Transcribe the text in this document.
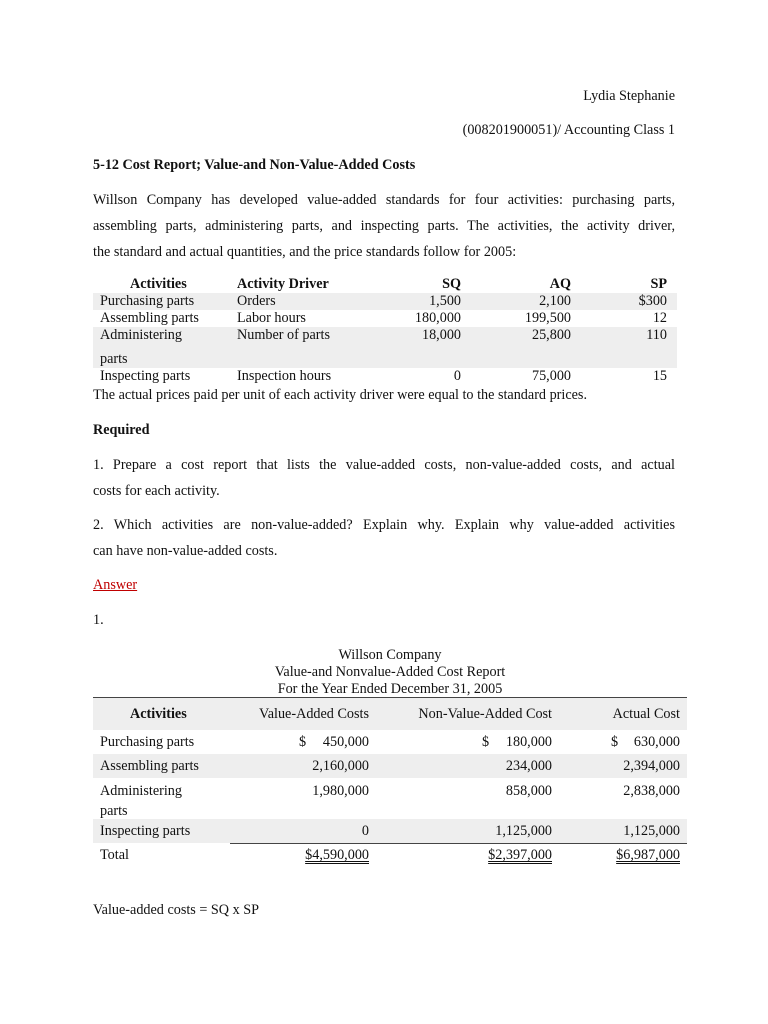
Lydia Stephanie
(008201900051)/ Accounting Class 1
5-12 Cost Report; Value-and Non-Value-Added Costs
Willson Company has developed value-added standards for four activities: purchasing parts,
assembling parts, administering parts, and inspecting parts. The activities, the activity driver,
the standard and actual quantities, and the price standards follow for 2005:
Activities	Activity Driver	SQ	AQ	SP
Purchasing parts	Orders	1,500	2,100	$300
Assembling parts	Labor hours	180,000	199,500	12
Administering
parts
Number of parts	18,000	25,800	110
Inspecting parts	Inspection hours	0	75,000	15
The actual prices paid per unit of each activity driver were equal to the standard prices.
Required
1. Prepare a cost report that lists the value-added costs, non-value-added costs, and actual
costs for each activity.
2. Which activities are non-value-added? Explain why. Explain why value-added activities
can have non-value-added costs.
Answer
1.
Willson Company
Value-and Nonvalue-Added Cost Report
For the Year Ended December 31, 2005
Activities	Value-Added Costs	Non-Value-Added Cost	Actual Cost
Purchasing parts	$ 450,000	$ 180,000	$ 630,000
Assembling parts	2,160,000	234,000	2,394,000
Administering
parts
1,980,000	858,000	2,838,000
Inspecting parts	0	1,125,000	1,125,000
Total	$4,590,000	$2,397,000	$6,987,000
Value-added costs = SQ x SP
